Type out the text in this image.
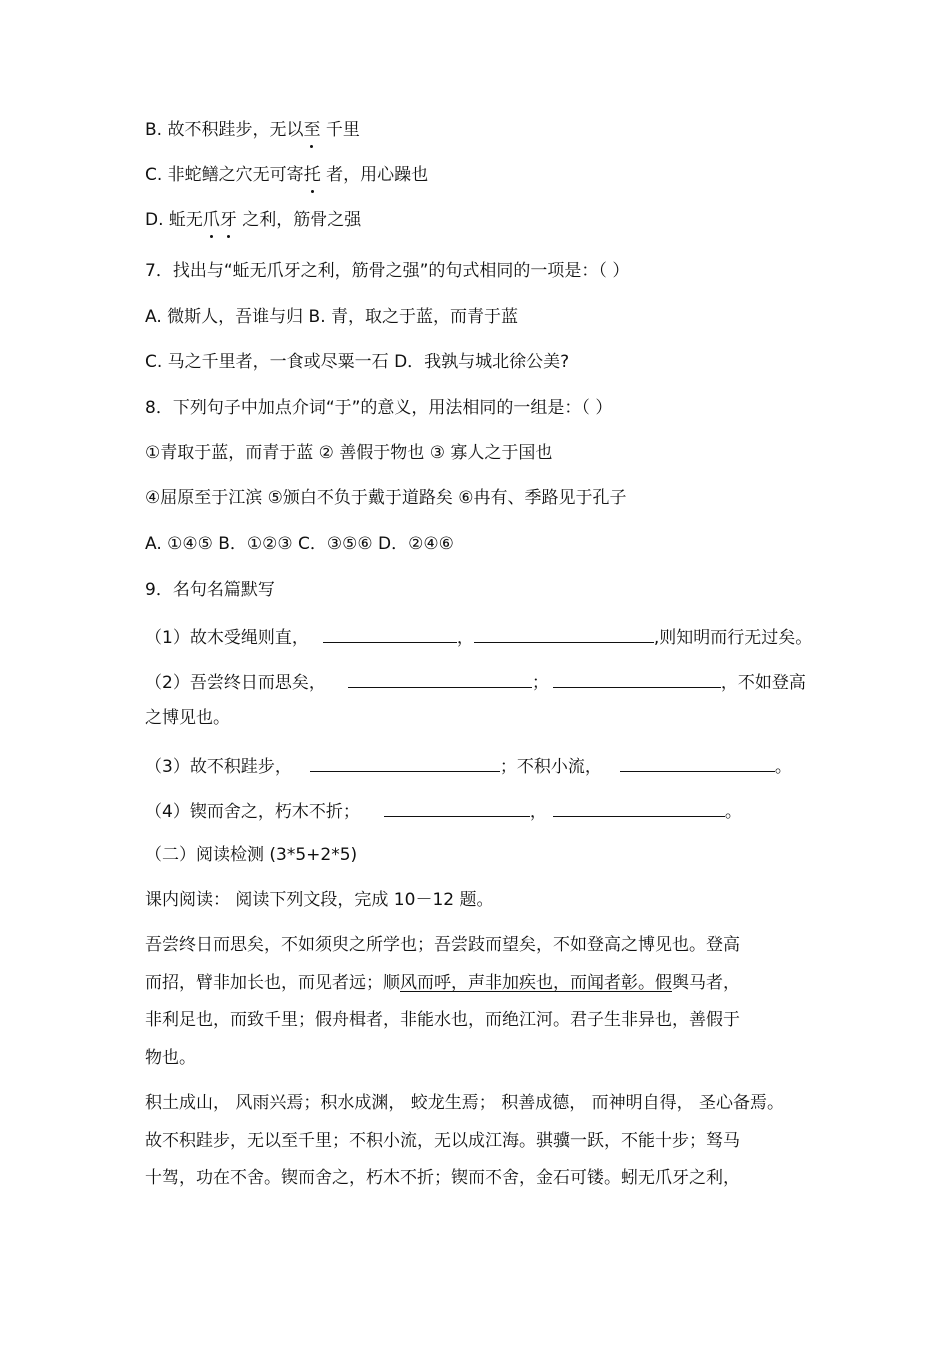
B. 故不积跬步，无以至 千里
C. 非蛇鳝之穴无可寄托 者，用心躁也
D. 蚯无爪牙 之利，筋骨之强
7．找出与“蚯无爪牙之利，筋骨之强”的句式相同的一项是：（ ）
A. 微斯人，吾谁与归 B. 青，取之于蓝，而青于蓝
C. 马之千里者，一食或尽粟一石 D．我孰与城北徐公美?
8．下列句子中加点介词“于”的意义，用法相同的一组是：（ ）
①青取于蓝，而青于蓝 ② 善假于物也 ③ 寡人之于国也
④屈原至于江滨 ⑤颁白不负于戴于道路矣 ⑥冉有、季路见于孔子
A. ①④⑤ B．①②③ C．③⑤⑥ D．②④⑥
9．名句名篇默写
（1）故木受绳则直，	，	,则知明而行无过矣。
（2）吾尝终日而思矣，	；	，不如登高
之博见也。
（3）故不积跬步，	；不积小流，	。
（4）锲而舍之，朽木不折；	，	。
（二）阅读检测 (3*5+2*5)
课内阅读： 阅读下列文段，完成 10－12 题。
吾尝终日而思矣，不如须臾之所学也；吾尝跂而望矣，不如登高之博见也。登高
而招，臂非加长也，而见者远；顺风而呼，声非加疾也，而闻者彰。假舆马者，
非利足也，而致千里；假舟楫者，非能水也，而绝江河。君子生非异也，善假于
物也。
积土成山， 风雨兴焉；积水成渊， 蛟龙生焉； 积善成德， 而神明自得， 圣心备焉。
故不积跬步，无以至千里；不积小流，无以成江海。骐骥一跃，不能十步；驽马
十驾，功在不舍。锲而舍之，朽木不折；锲而不舍，金石可镂。蚓无爪牙之利，
